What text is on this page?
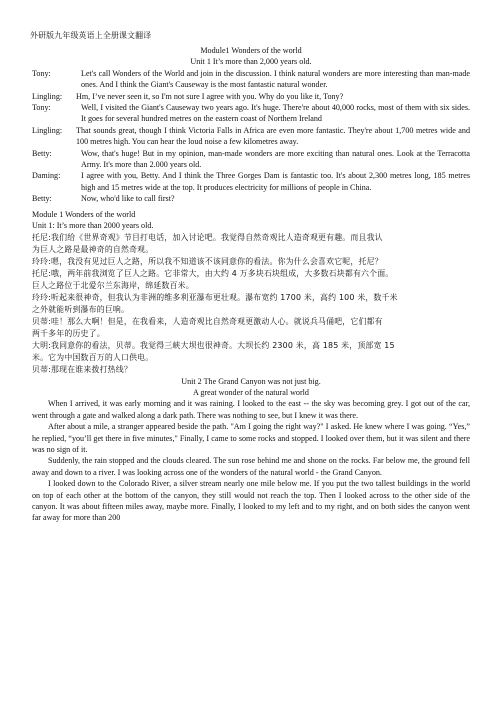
外研版九年级英语上全册课文翻译
Module1 Wonders of the world
Unit 1 It’s more than 2,000 years old.
Tony:	Let's call Wonders of the World and join in the discussion. I think natural wonders are more interesting than man-made ones. And I think the Giant's Causeway is the most fantastic natural wonder.
Lingling:	Hm, I’ve never seen it, so I'm not sure I agree with you. Why do you like it, Tony?
Tony:	Well, I visited the Giant's Causeway two years ago. It's huge. There're about 40,000 rocks, most of them with six sides. It goes for several hundred metres on the eastern coast of Northern Ireland
Lingling:	That sounds great, though I think Victoria Falls in Africa are even more fantastic. They're about 1,700 metres wide and 100 metres high. You can hear the loud noise a few kilometres away.
Betty:	Wow, that's huge! But in my opinion, man-made wonders are more exciting than natural ones. Look at the Terracotta Army. It's more than 2.000 years old.
Daming:	I agree with you, Betty. And I think the Three Gorges Dam is fantastic too. It's about 2,300 metres long, 185 metres high and 15 metres wide at the top. It produces electricity for millions of people in China.
Betty:	Now, who'd like to call first?
Module 1 Wonders of the world
Unit 1: It’s more than 2000 years old.
托尼:我们给《世界奇观》节目打电话，加入讨论吧。我觉得自然奇观比人造奇观更有趣。而且我认
为巨人之路是最神奇的自然奇观。
玲玲:嗯，我没有见过巨人之路，所以我不知道该不该同意你的看法。你为什么会喜欢它呢，托尼？
托尼:哦，两年前我浏览了巨人之路。它非常大，由大约 4 万多块石块组成，大多数石块都有六个面。
巨人之路位于北爱尔兰东海岸，绵延数百米。
玲玲:听起来很神奇，但我认为非洲的维多利亚瀑布更壮观。瀑布宽约 1700 米，高约 100 米，数千米
之外就能听到瀑布的巨响。
贝蒂:哇！那么大啊！但是，在我看来，人造奇观比自然奇观更激动人心。就说兵马俑吧，它们都有
两千多年的历史了。
大明:我同意你的看法，贝蒂。我觉得三峡大坝也很神奇。大坝长约 2300 米，高 185 米，顶部宽 15
米。它为中国数百万的人口供电。
贝蒂:那现在谁来拨打热线？
Unit 2 The Grand Canyon was not just big.
A great wonder of the natural world

When I arrived, it was early morning and it was raining. I looked to the east -- the sky was becoming grey. I got out of the car, went through a gate and walked along a dark path. There was nothing to see, but I knew it was there.

After about a mile, a stranger appeared beside the path. "Am I going the right way?" I asked. He knew where I was going. “Yes,” he replied, “you’ll get there in five minutes," Finally, I came to some rocks and stopped. I looked over them, but it was silent and there was no sign of it.

Suddenly, the rain stopped and the clouds cleared. The sun rose behind me and shone on the rocks. Far below me, the ground fell away and down to a river. I was looking across one of the wonders of the natural world - the Grand Canyon.

I looked down to the Colorado River, a silver stream nearly one mile below me. If you put the two tallest buildings in the world on top of each other at the bottom of the canyon, they still would not reach the top. Then I looked across to the other side of the canyon. It was about fifteen miles away, maybe more. Finally, I looked to my left and to my right, and on both sides the canyon went far away for more than 200
